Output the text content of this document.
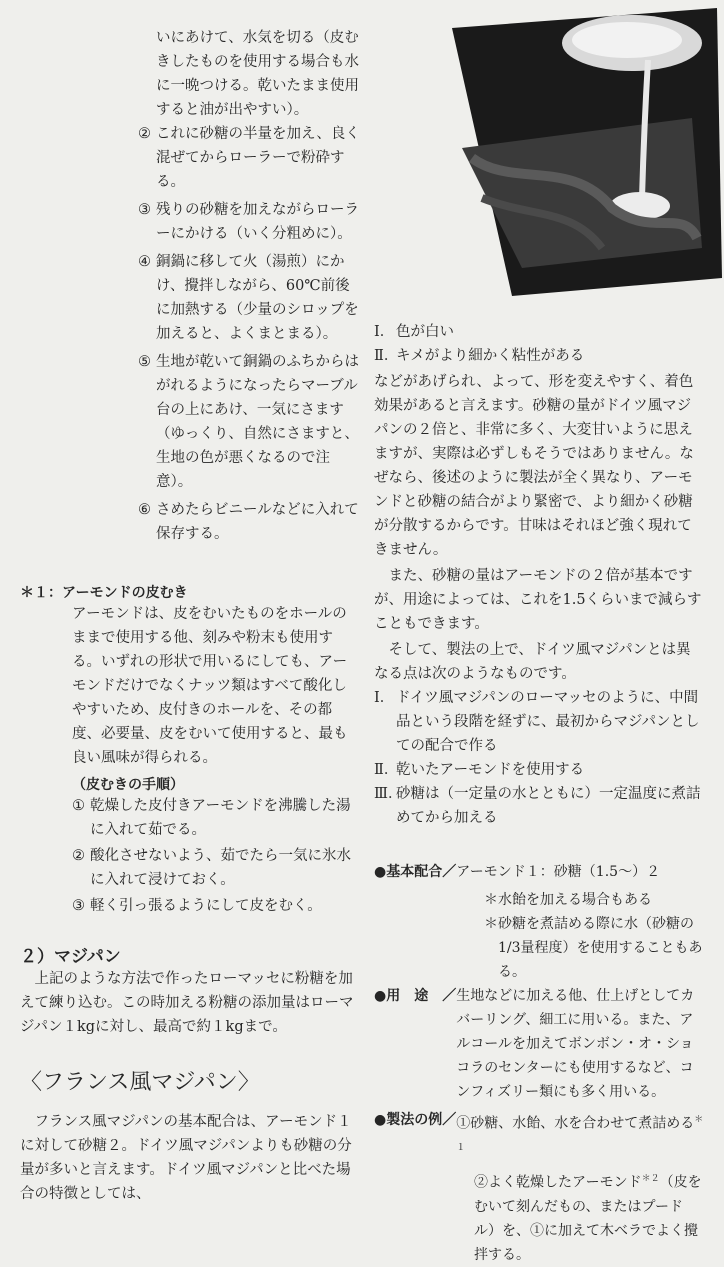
いにあけて、水気を切る（皮むきしたものを使用する場合も水に一晩つける。乾いたまま使用すると油が出やすい）。
② これに砂糖の半量を加え、良く混ぜてからローラーで粉砕する。
③ 残りの砂糖を加えながらローラーにかける（いく分粗めに）。
④ 銅鍋に移して火（湯煎）にかけ、攪拌しながら、60℃前後に加熱する（少量のシロップを加えると、よくまとまる）。
⑤ 生地が乾いて銅鍋のふちからはがれるようになったらマーブル台の上にあけ、一気にさます（ゆっくり、自然にさますと、生地の色が悪くなるので注意）。
⑥ さめたらビニールなどに入れて保存する。
＊１：アーモンドの皮むき
アーモンドは、皮をむいたものをホールのままで使用する他、刻みや粉末も使用する。いずれの形状で用いるにしても、アーモンドだけでなくナッツ類はすべて酸化しやすいため、皮付きのホールを、その都度、必要量、皮をむいて使用すると、最も良い風味が得られる。
（皮むきの手順）
① 乾燥した皮付きアーモンドを沸騰した湯に入れて茹でる。
② 酸化させないよう、茹でたら一気に氷水に入れて浸けておく。
③ 軽く引っ張るようにして皮をむく。
２）マジパン
上記のような方法で作ったローマッセに粉糖を加えて練り込む。この時加える粉糖の添加量はローマジパン１kgに対し、最高で約１kgまで。
〈フランス風マジパン〉
フランス風マジパンの基本配合は、アーモンド１に対して砂糖２。ドイツ風マジパンよりも砂糖の分量が多いと言えます。ドイツ風マジパンと比べた場合の特徴としては、
Ⅰ． 色が白い
Ⅱ．
キメがより細かく粘性がある
などがあげられ、よって、形を変えやすく、着色効果があると言えます。砂糖の量がドイツ風マジパンの２倍と、非常に多く、大変甘いように思えますが、実際は必ずしもそうではありません。なぜなら、後述のように製法が全く異なり、アーモンドと砂糖の結合がより緊密で、より細かく砂糖が分散するからです。甘味はそれほど強く現れてきません。
また、砂糖の量はアーモンドの２倍が基本ですが、用途によっては、これを1.5くらいまで減らすこともできます。
そして、製法の上で、ドイツ風マジパンとは異なる点は次のようなものです。
Ⅰ． ドイツ風マジパンのローマッセのように、中間品という段階を経ずに、最初からマジパンとしての配合で作る
Ⅱ．
乾いたアーモンドを使用する
Ⅲ．
砂糖は（一定量の水とともに）一定温度に煮詰めてから加える
●基本配合／ アーモンド１：砂糖（1.5〜）２
＊ 水飴を加える場合もある
＊ 砂糖を煮詰める際に水（砂糖の1/3量程度）を使用することもある。
●用　途　／ 生地などに加える他、仕上げとしてカバーリング、細工に用いる。また、アルコールを加えてボンボン・オ・ショコラのセンターにも使用するなど、コンフィズリー類にも多く用いる。
●製法の例／ ①砂糖、水飴、水を合わせて煮詰める$^{*1}$
②よく乾燥したアーモンド$^{*2}$（皮をむいて刻んだもの、またはプードル）を、①に加えて木ベラでよく攪拌する。
